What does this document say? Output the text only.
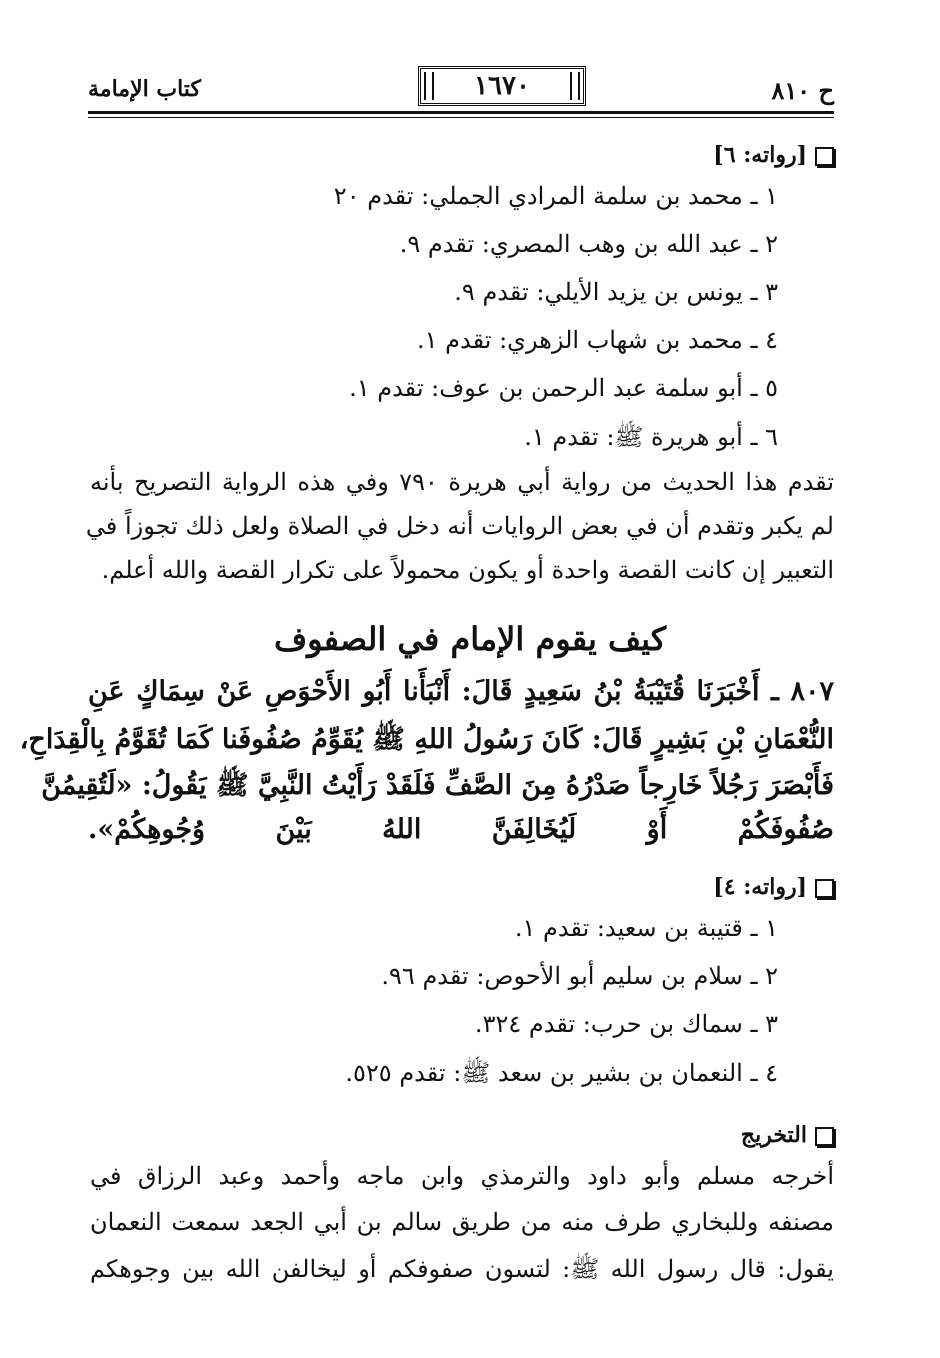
ح ٨١٠
١٦٧٠
كتاب الإمامة
[رواته: ٦]
١ ـ محمد بن سلمة المرادي الجملي: تقدم ٢٠
٢ ـ عبد الله بن وهب المصري: تقدم ٩.
٣ ـ يونس بن يزيد الأيلي: تقدم ٩.
٤ ـ محمد بن شهاب الزهري: تقدم ١.
٥ ـ أبو سلمة عبد الرحمن بن عوف: تقدم ١.
٦ ـ أبو هريرة ﷺ: تقدم ١.
تقدم هذا الحديث من رواية أبي هريرة ٧٩٠ وفي هذه الرواية التصريح بأنه
لم يكبر وتقدم أن في بعض الروايات أنه دخل في الصلاة ولعل ذلك تجوزاً في
التعبير إن كانت القصة واحدة أو يكون محمولاً على تكرار القصة والله أعلم.
كيف يقوم الإمام في الصفوف
٨٠٧ ـ أَخْبَرَنَا قُتَيْبَةُ بْنُ سَعِيدٍ قَالَ: أَنْبَأَنا أَبُو الأَحْوَصِ عَنْ سِمَاكٍ عَنِ
النُّعْمَانِ بْنِ بَشِيرٍ قَالَ: كَانَ رَسُولُ اللهِ ﷺ يُقَوِّمُ صُفُوفَنا كَمَا تُقَوَّمُ بِالْقِدَاحِ،
فَأَبْصَرَ رَجُلاً خَارِجاً صَدْرُهُ مِنَ الصَّفِّ فَلَقَدْ رَأَيْتُ النَّبِيَّ ﷺ يَقُولُ: «لَتُقِيمُنَّ
صُفُوفَكُمْ أَوْ لَيُخَالِفَنَّ اللهُ بَيْنَ وُجُوهِكُمْ».
[رواته: ٤]
١ ـ قتيبة بن سعيد: تقدم ١.
٢ ـ سلام بن سليم أبو الأحوص: تقدم ٩٦.
٣ ـ سماك بن حرب: تقدم ٣٢٤.
٤ ـ النعمان بن بشير بن سعد ﷺ: تقدم ٥٢٥.
التخريج
أخرجه مسلم وأبو داود والترمذي وابن ماجه وأحمد وعبد الرزاق في
مصنفه وللبخاري طرف منه من طريق سالم بن أبي الجعد سمعت النعمان
يقول: قال رسول الله ﷺ: لتسون صفوفكم أو ليخالفن الله بين وجوهكم
